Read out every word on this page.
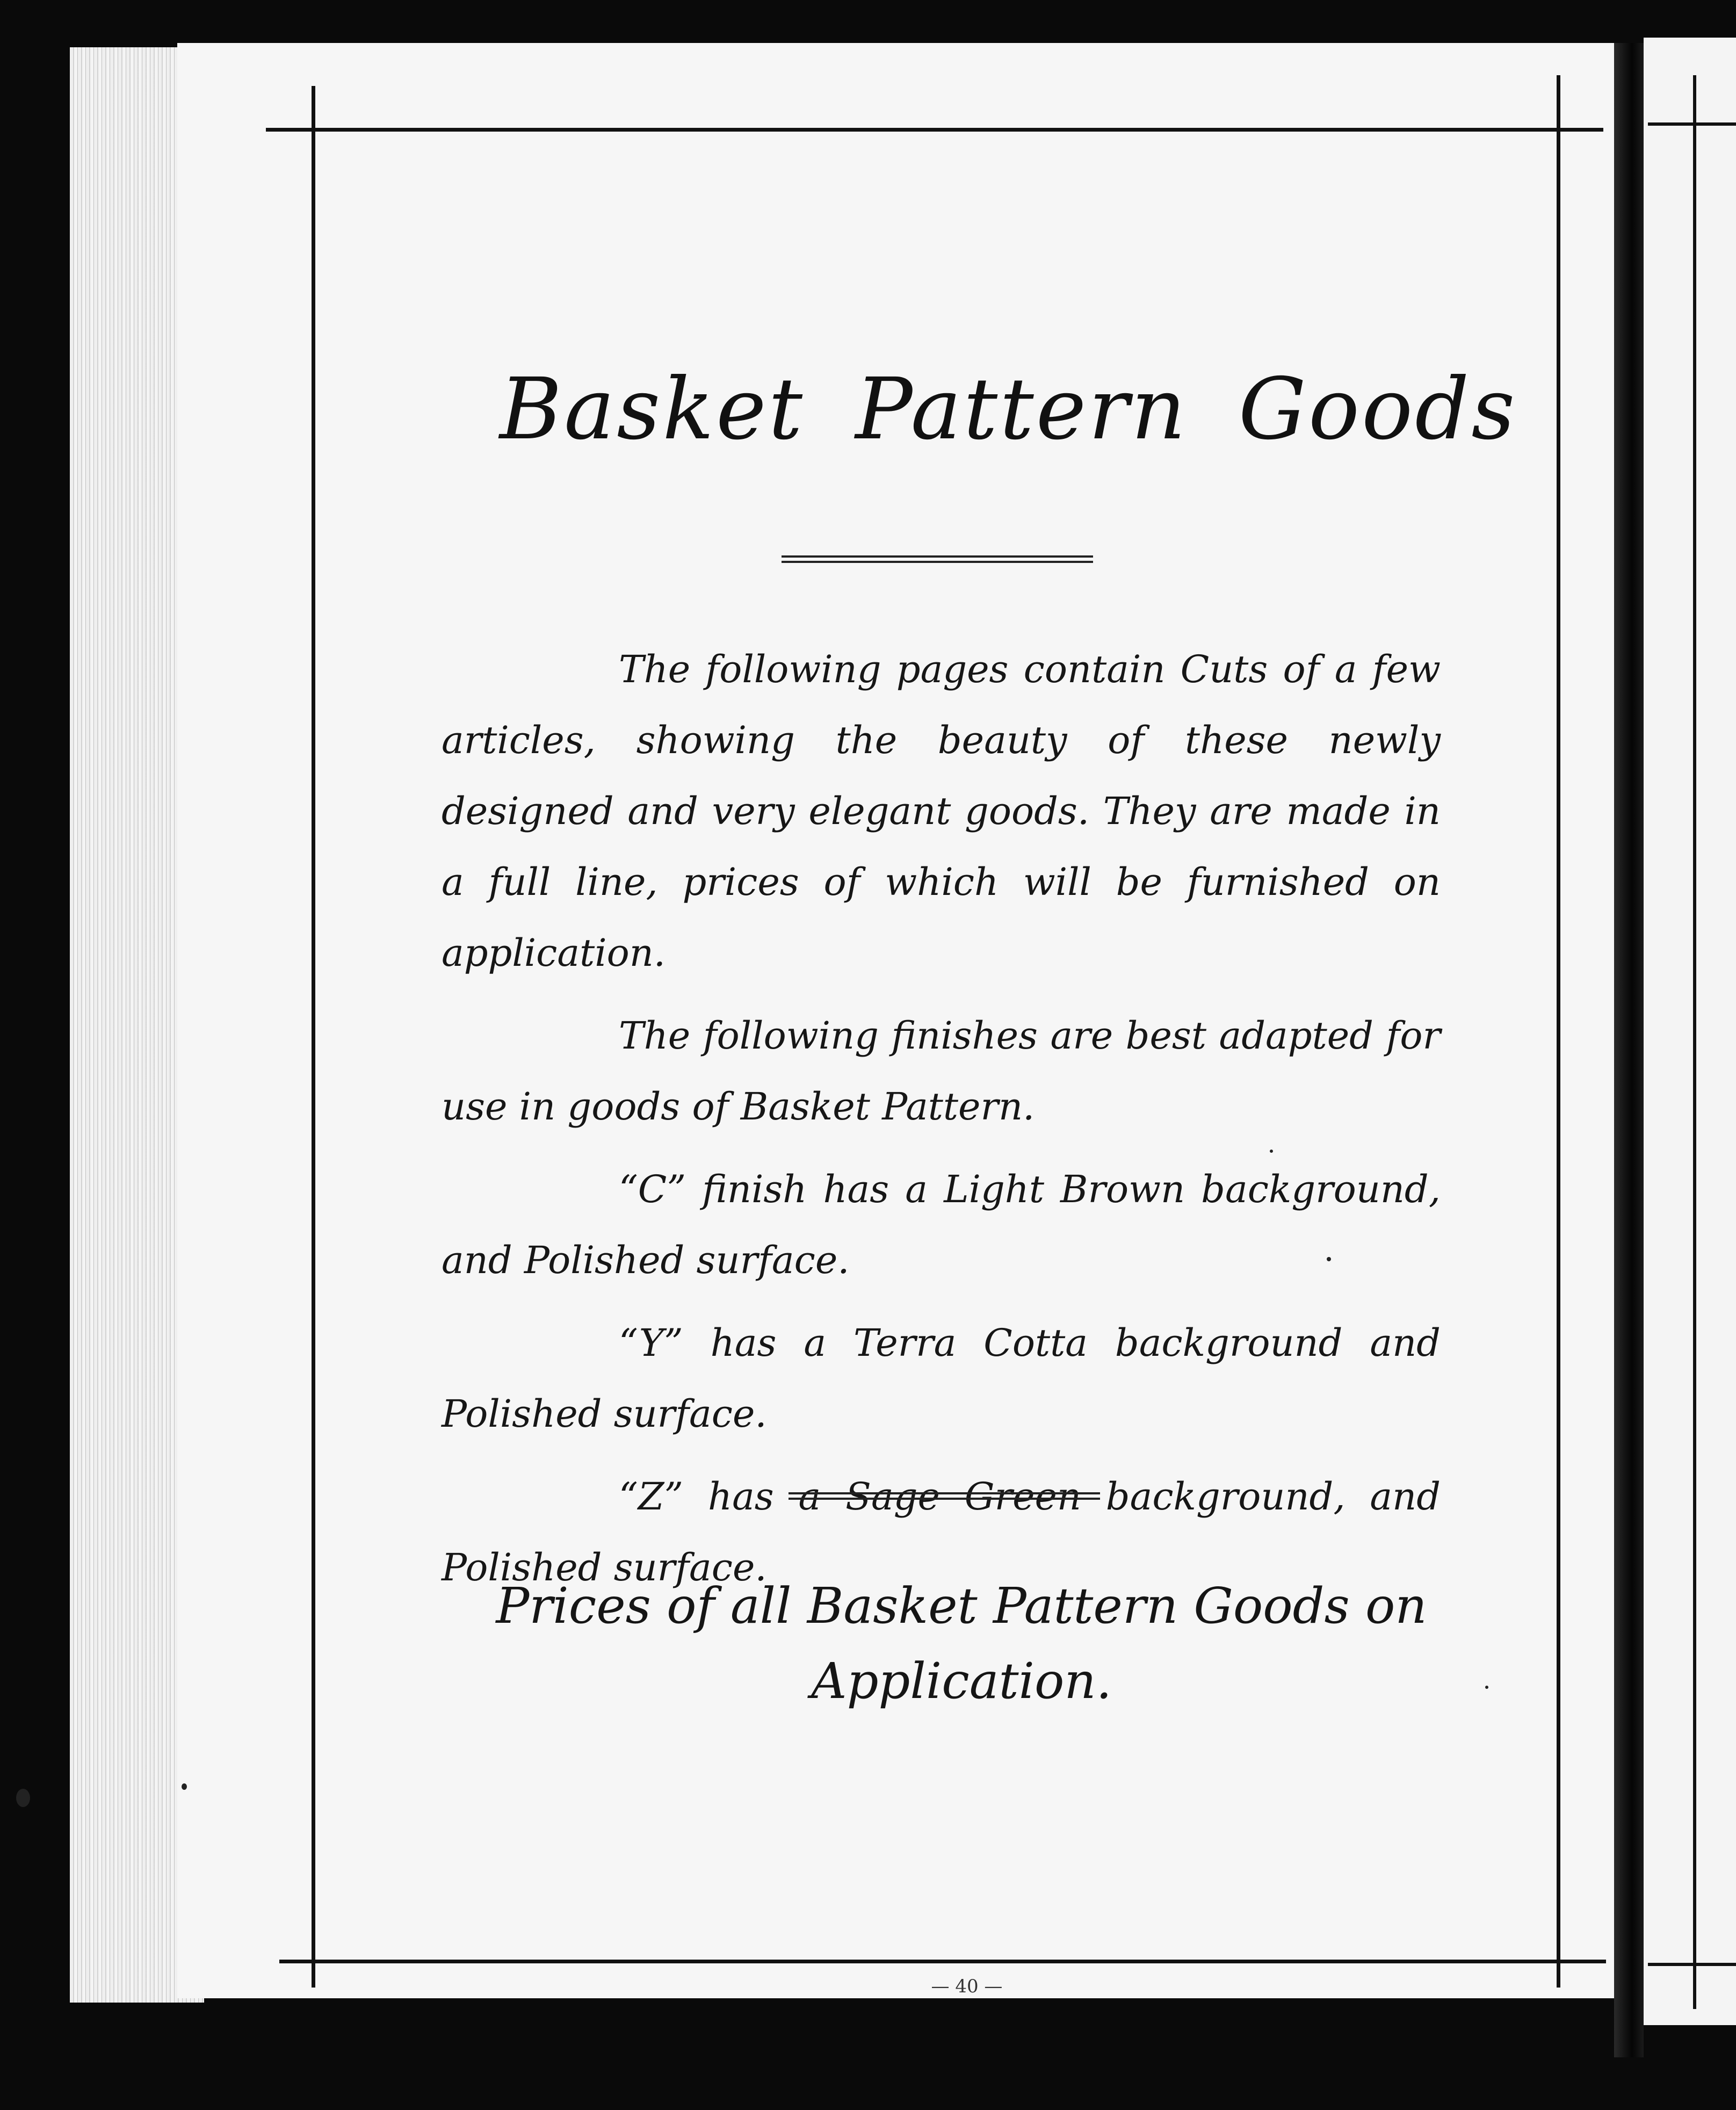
Basket Pattern Goods

The following pages contain Cuts of a few articles, showing the beauty of these newly designed and very elegant goods. They are made in a full line, prices of which will be furnished on application.

The following finishes are best adapted for use in goods of Basket Pattern.

“C” finish has a Light Brown background, and Polished surface.

“Y” has a Terra Cotta background and Polished surface.

“Z” has a Sage Green background, and Polished surface.

Prices of all Basket Pattern Goods on
Application.
— 40 —
